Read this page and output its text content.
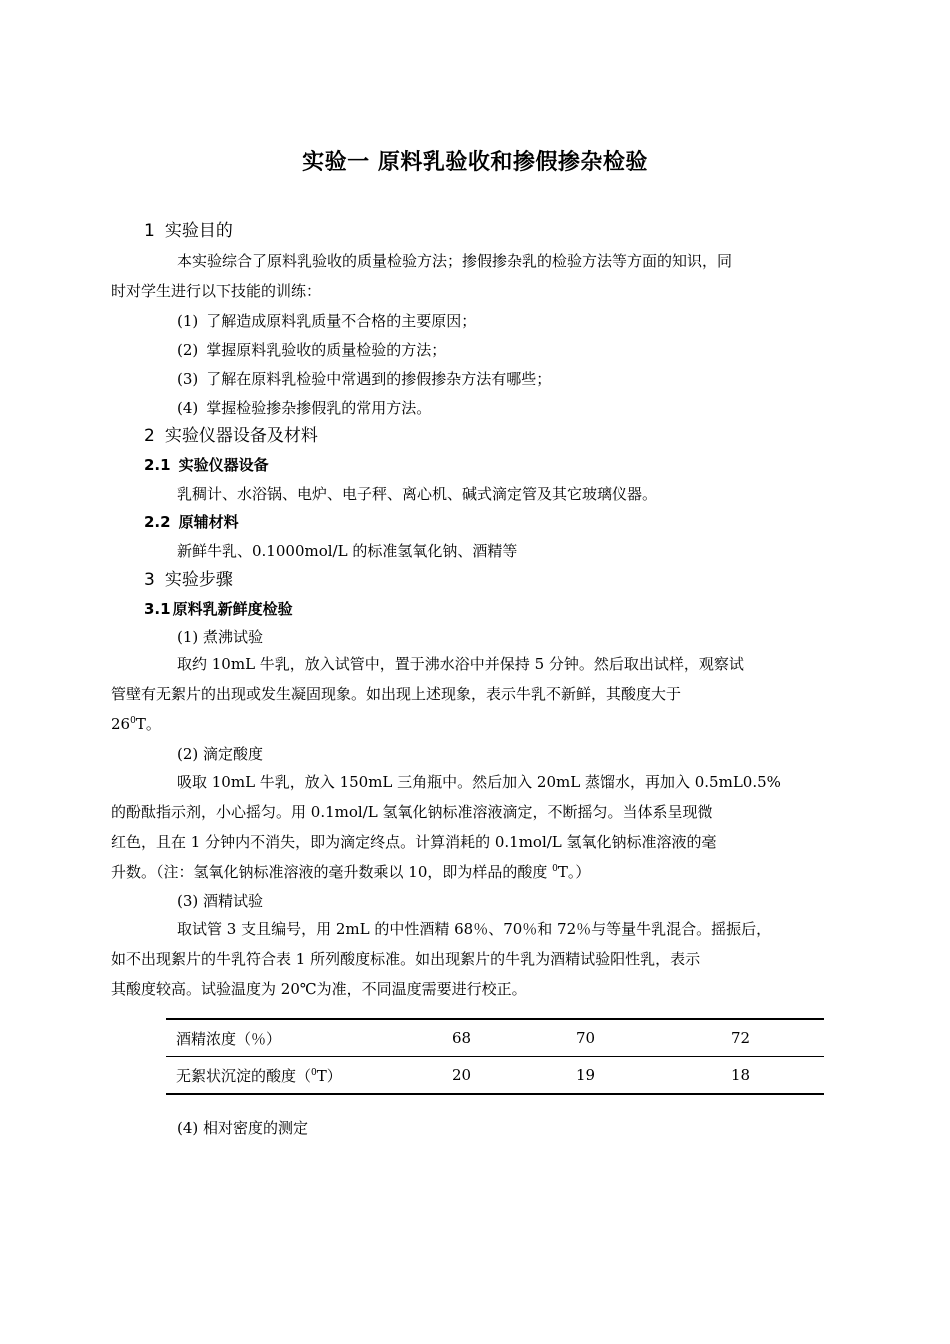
实验一 原料乳验收和掺假掺杂检验
1 实验目的
本实验综合了原料乳验收的质量检验方法；掺假掺杂乳的检验方法等方面的知识，同
时对学生进行以下技能的训练：
(1) 了解造成原料乳质量不合格的主要原因；
(2) 掌握原料乳验收的质量检验的方法；
(3) 了解在原料乳检验中常遇到的掺假掺杂方法有哪些；
(4) 掌握检验掺杂掺假乳的常用方法。
2 实验仪器设备及材料
2.1 实验仪器设备
乳稠计、水浴锅、电炉、电子秤、离心机、碱式滴定管及其它玻璃仪器。
2.2 原辅材料
新鲜牛乳、0.1000mol/L 的标准氢氧化钠、酒精等
3 实验步骤
3.1 原料乳新鲜度检验
(1) 煮沸试验
取约 10mL 牛乳，放入试管中，置于沸水浴中并保持 5 分钟。然后取出试样，观察试
管壁有无絮片的出现或发生凝固现象。如出现上述现象，表示牛乳不新鲜，其酸度大于
$26^0T$。
(2) 滴定酸度
吸取 10mL 牛乳，放入 150mL 三角瓶中。然后加入 20mL 蒸馏水，再加入 0.5mL0.5%
的酚酞指示剂，小心摇匀。用 0.1mol/L 氢氧化钠标准溶液滴定，不断摇匀。当体系呈现微
红色，且在 1 分钟内不消失，即为滴定终点。计算消耗的 0.1mol/L 氢氧化钠标准溶液的毫
升数。（注：氢氧化钠标准溶液的毫升数乘以 10，即为样品的酸度 $^0$T。）
(3) 酒精试验
取试管 3 支且编号，用 2mL 的中性酒精 68％、70％和 72％与等量牛乳混合。摇振后，
如不出现絮片的牛乳符合表 1 所列酸度标准。如出现絮片的牛乳为酒精试验阳性乳，表示
其酸度较高。试验温度为 20℃为准，不同温度需要进行校正。
酒精浓度（％）	68	70	72
无絮状沉淀的酸度（$^0$T）	20	19	18
(4) 相对密度的测定
